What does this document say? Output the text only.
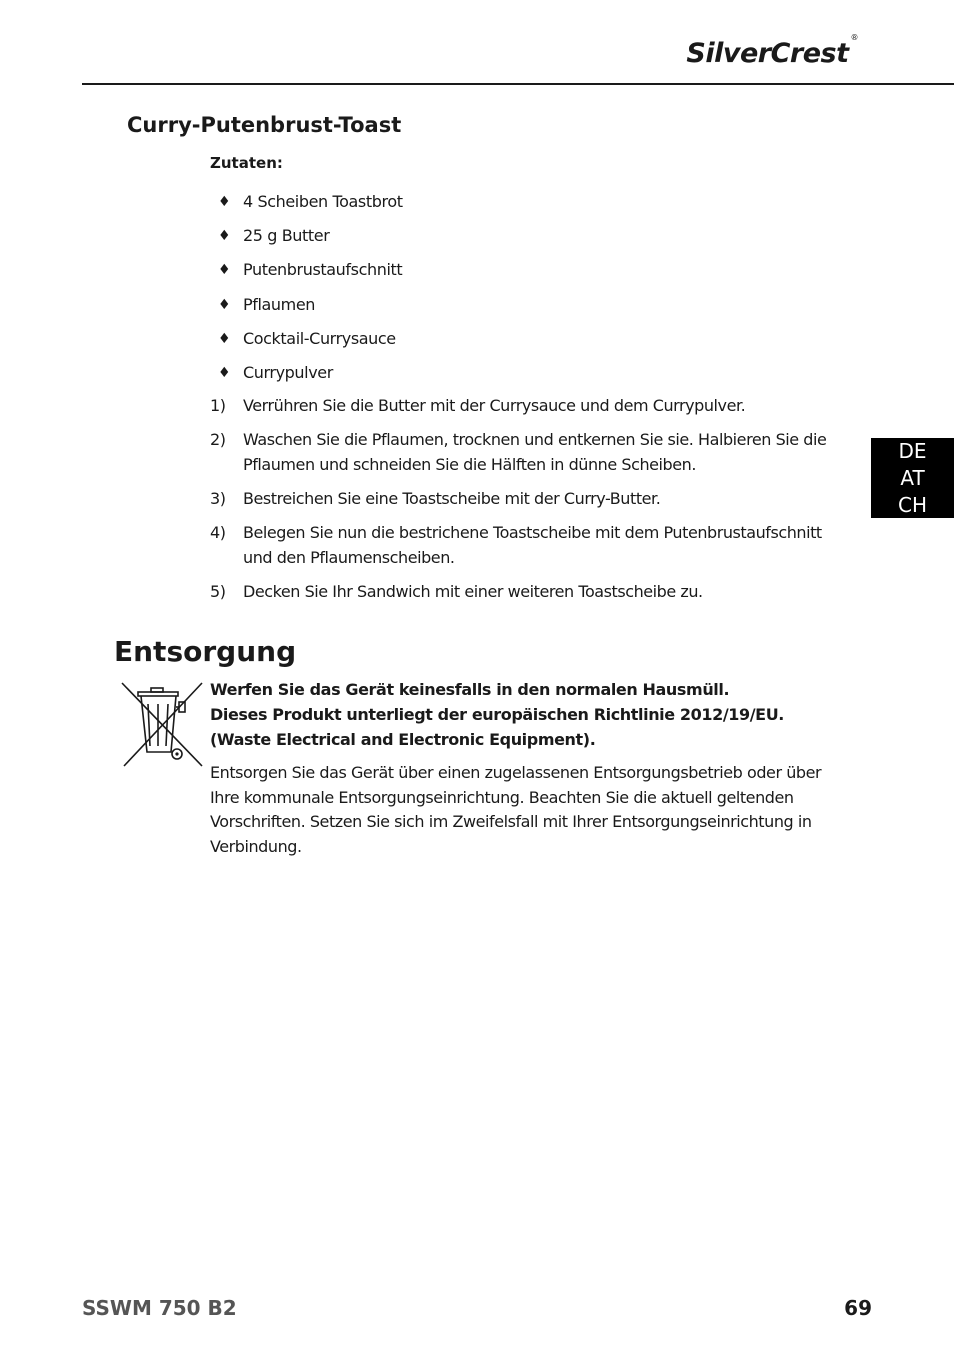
SilverCrest®
DE
AT
CH
Curry-Putenbrust-Toast
Zutaten:
♦ 4 Scheiben Toastbrot
♦ 25 g Butter
♦ Putenbrustaufschnitt
♦ Pflaumen
♦ Cocktail-Currysauce
♦ Currypulver
1) Verrühren Sie die Butter mit der Currysauce und dem Currypulver.
2) Waschen Sie die Pflaumen, trocknen und entkernen Sie sie. Halbieren Sie die Pflaumen und schneiden Sie die Hälften in dünne Scheiben.
3) Bestreichen Sie eine Toastscheibe mit der Curry-Butter.
4) Belegen Sie nun die bestrichene Toastscheibe mit dem Putenbrustaufschnitt und den Pflaumenscheiben.
5) Decken Sie Ihr Sandwich mit einer weiteren Toastscheibe zu.
Entsorgung
Werfen Sie das Gerät keinesfalls in den normalen Hausmüll.
Dieses Produkt unterliegt der europäischen Richtlinie 2012/19/EU.
(Waste Electrical and Electronic Equipment).
Entsorgen Sie das Gerät über einen zugelassenen Entsorgungsbetrieb oder über Ihre kommunale Entsorgungseinrichtung. Beachten Sie die aktuell geltenden Vorschriften. Setzen Sie sich im Zweifelsfall mit Ihrer Entsorgungseinrichtung in Verbindung.
SSWM 750 B2	69
